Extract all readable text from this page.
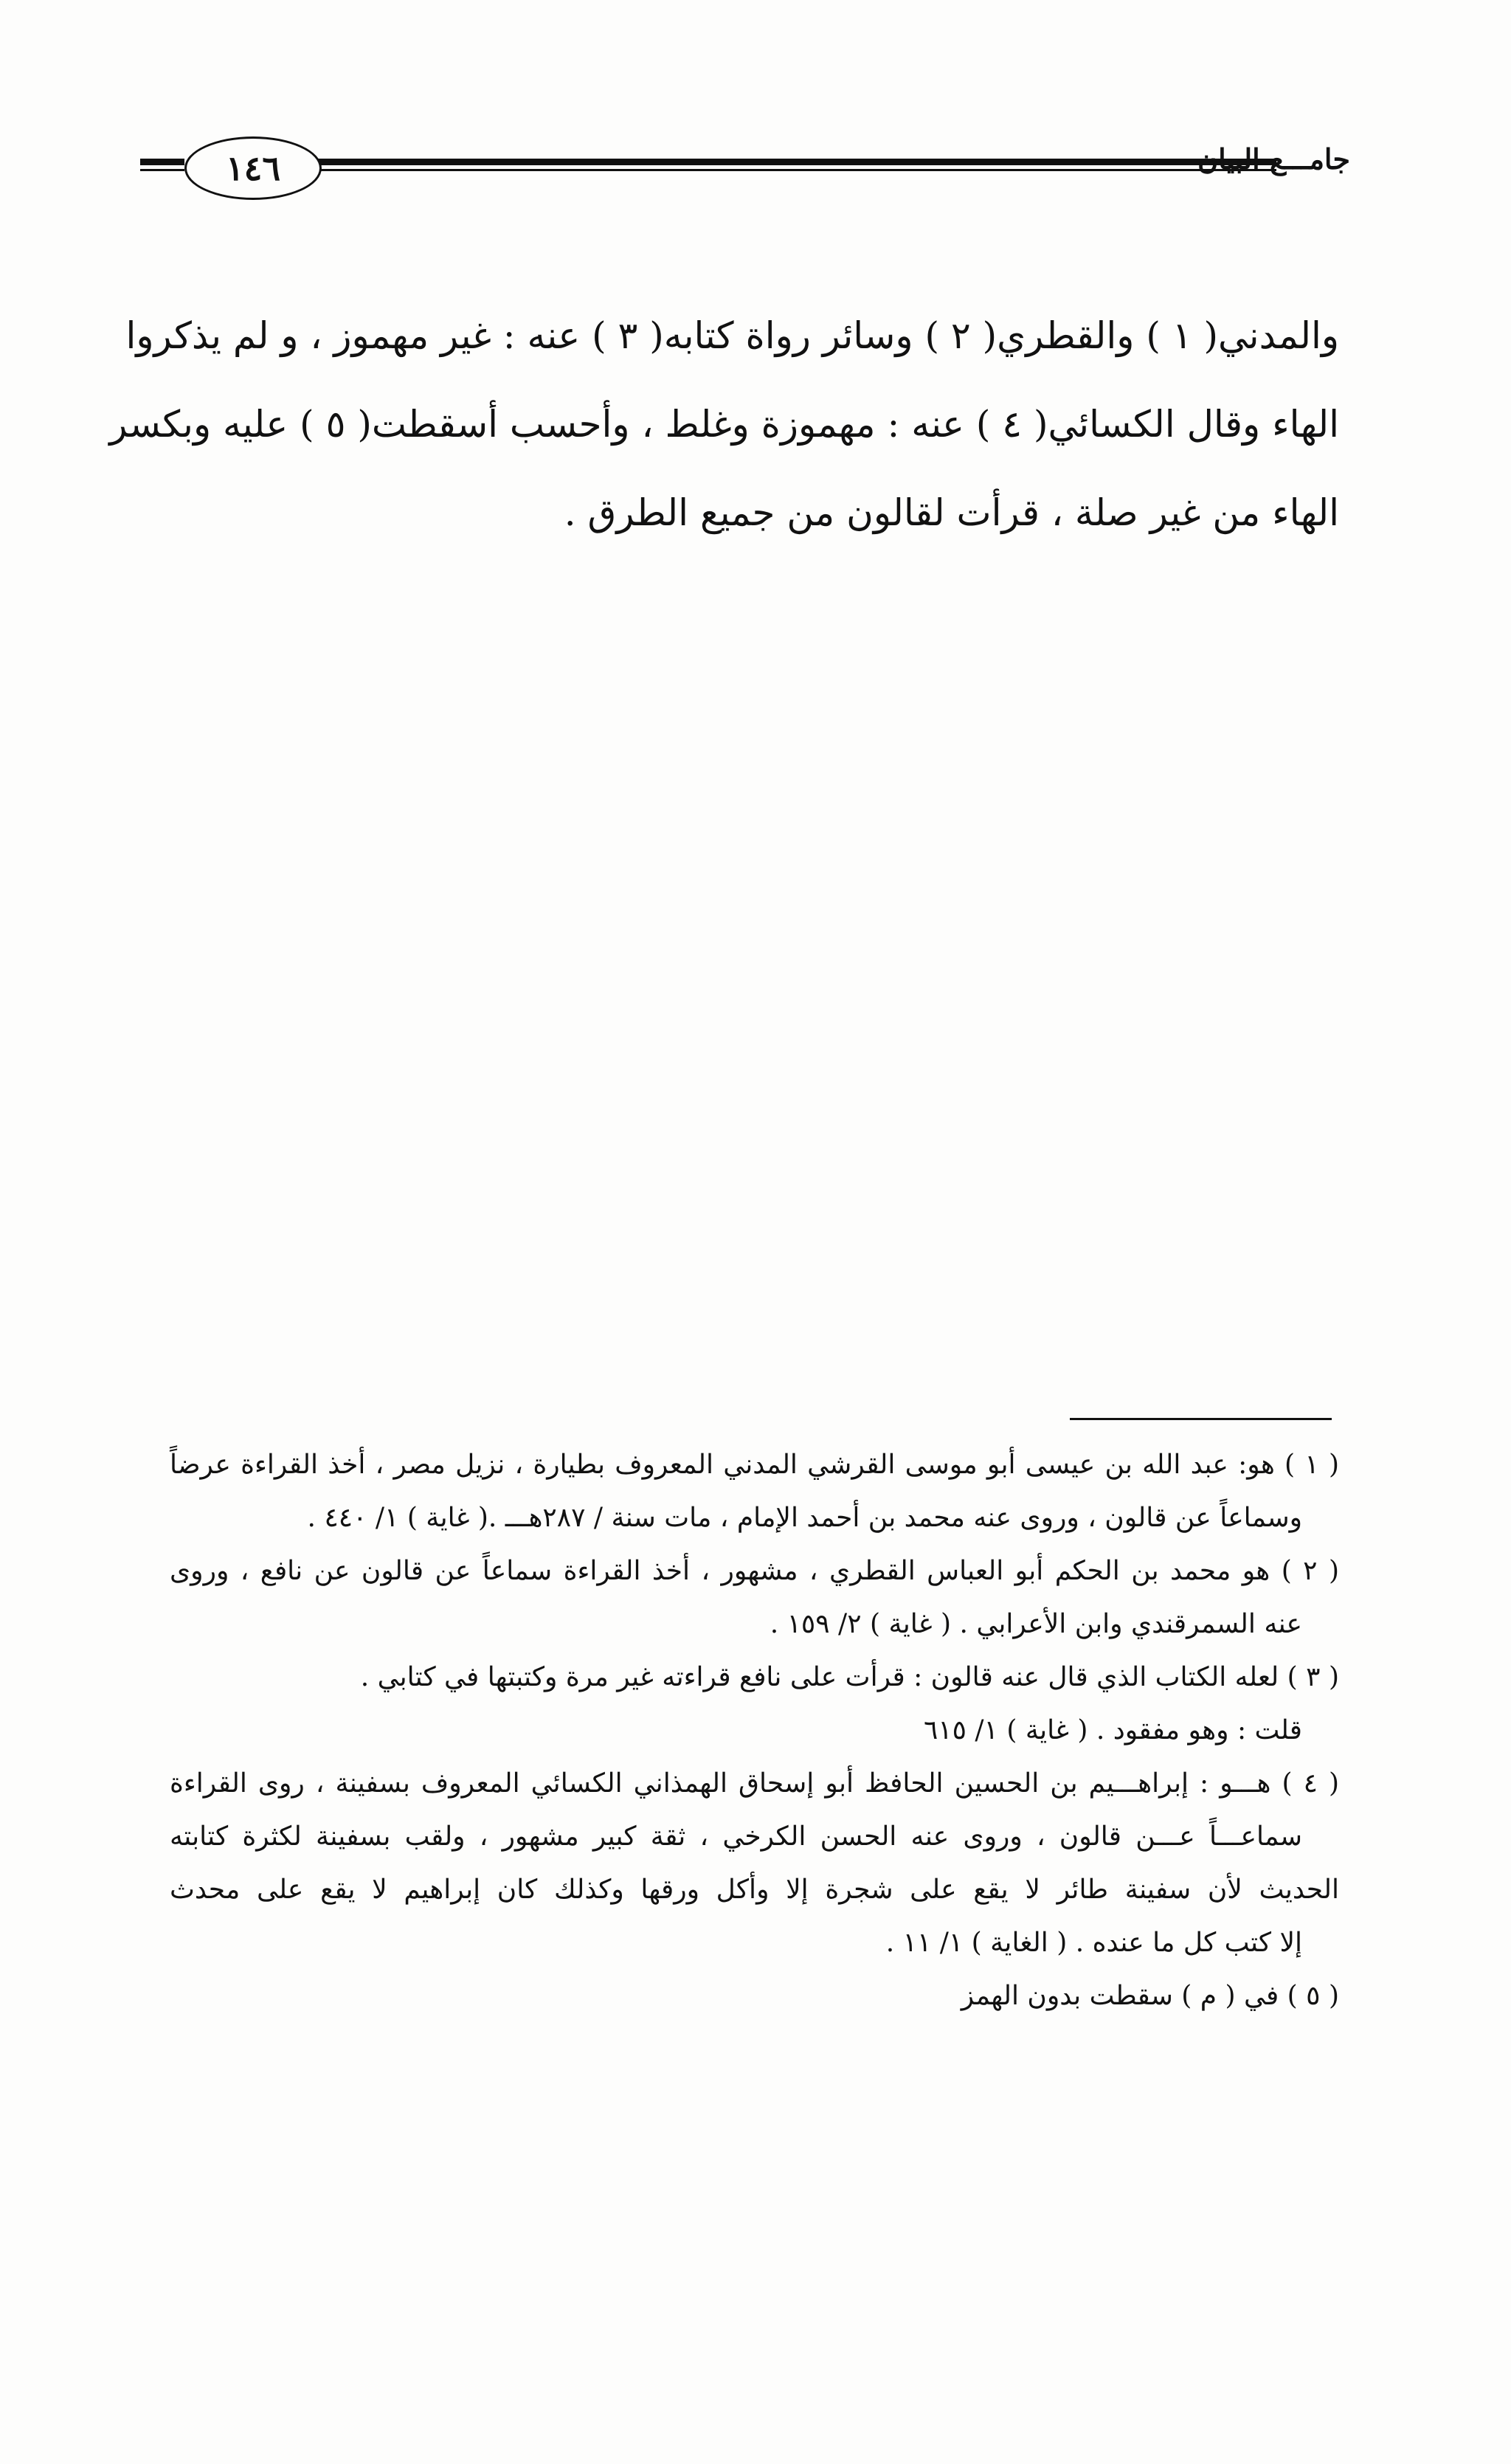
١٤٦	جامـــع البيان
والمدني( ١ ) والقطري( ٢ ) وسائر رواة كتابه( ٣ ) عنه : غير مهموز ، و لم يذكروا
الهاء وقال الكسائي( ٤ ) عنه : مهموزة وغلط ، وأحسب أسقطت( ٥ ) عليه وبكسر
الهاء من غير صلة ، قرأت لقالون من جميع الطرق .
( ١ ) هو: عبد الله بن عيسى أبو موسى القرشي المدني المعروف بطيارة ، نزيل مصر ، أخذ القراءة عرضاً
وسماعاً عن قالون ، وروى عنه محمد بن أحمد الإمام ، مات سنة / ٢٨٧هـــ .( غاية ) ١/ ٤٤٠ .
( ٢ ) هو محمد بن الحكم أبو العباس القطري ، مشهور ، أخذ القراءة سماعاً عن قالون عن نافع ، وروى
عنه السمرقندي وابن الأعرابي . ( غاية ) ٢/ ١٥٩ .
( ٣ ) لعله الكتاب الذي قال عنه قالون : قرأت على نافع قراءته غير مرة وكتبتها في كتابي .
قلت : وهو مفقود . ( غاية ) ١/ ٦١٥
( ٤ ) هـــو : إبراهـــيم بن الحسين الحافظ أبو إسحاق الهمذاني الكسائي المعروف بسفينة ، روى القراءة
سماعـــاً عـــن قالون ، وروى عنه الحسن الكرخي ، ثقة كبير مشهور ، ولقب بسفينة لكثرة كتابته
الحديث لأن سفينة طائر لا يقع على شجرة إلا وأكل ورقها وكذلك كان إبراهيم لا يقع على محدث
إلا كتب كل ما عنده . ( الغاية ) ١/ ١١ .
( ٥ ) في ( م ) سقطت بدون الهمز
